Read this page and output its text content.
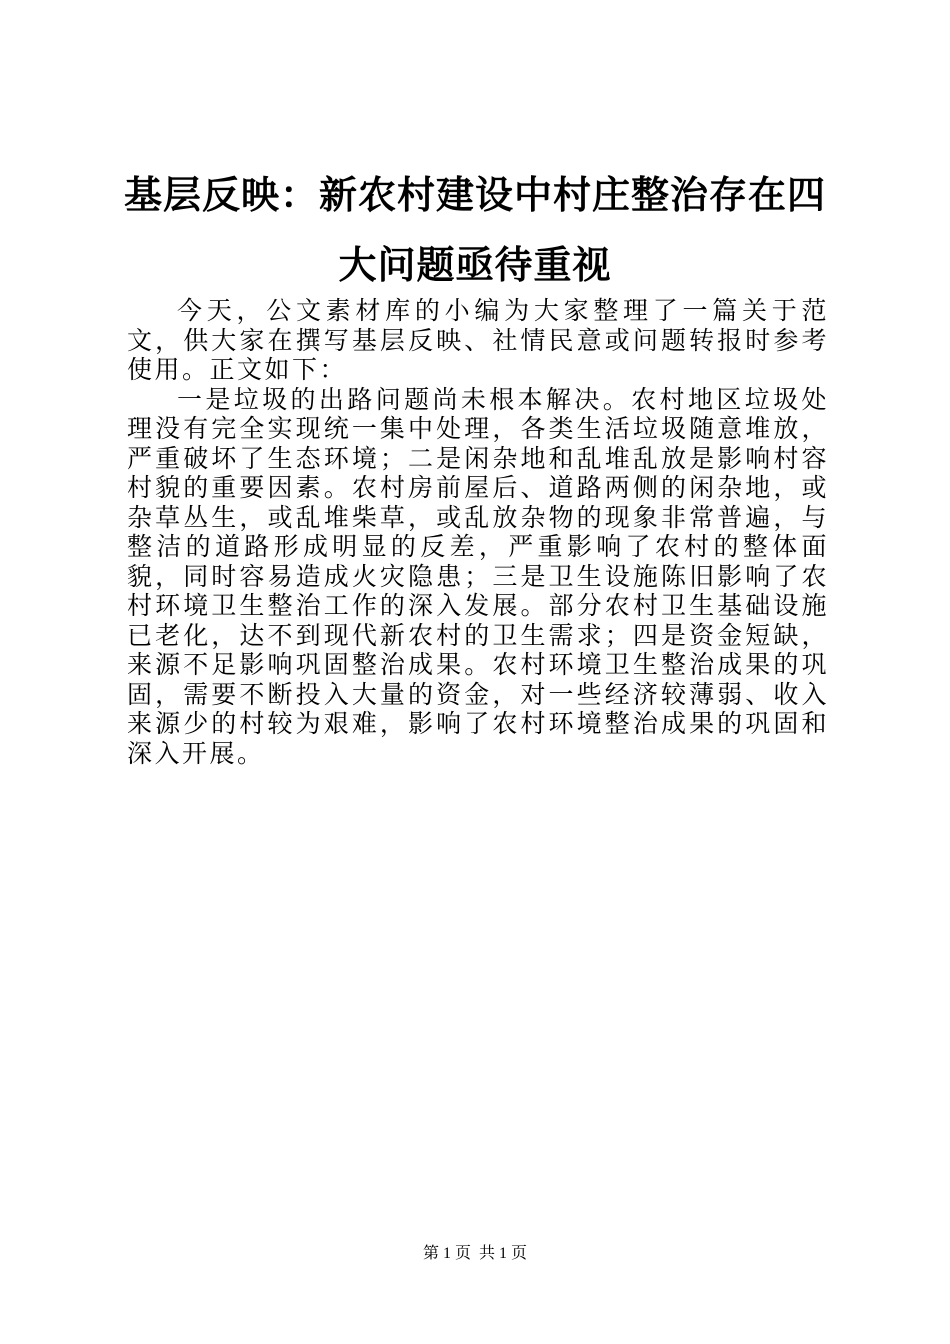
基层反映：新农村建设中村庄整治存在四大问题亟待重视

今天，公文素材库的小编为大家整理了一篇关于范文，供大家在撰写基层反映、社情民意或问题转报时参考使用。正文如下：

一是垃圾的出路问题尚未根本解决。农村地区垃圾处理没有完全实现统一集中处理，各类生活垃圾随意堆放，严重破坏了生态环境；二是闲杂地和乱堆乱放是影响村容村貌的重要因素。农村房前屋后、道路两侧的闲杂地，或杂草丛生，或乱堆柴草，或乱放杂物的现象非常普遍，与整洁的道路形成明显的反差，严重影响了农村的整体面貌，同时容易造成火灾隐患；三是卫生设施陈旧影响了农村环境卫生整治工作的深入发展。部分农村卫生基础设施已老化，达不到现代新农村的卫生需求；四是资金短缺，来源不足影响巩固整治成果。农村环境卫生整治成果的巩固，需要不断投入大量的资金，对一些经济较薄弱、收入来源少的村较为艰难，影响了农村环境整治成果的巩固和深入开展。

第 1 页 共 1 页
